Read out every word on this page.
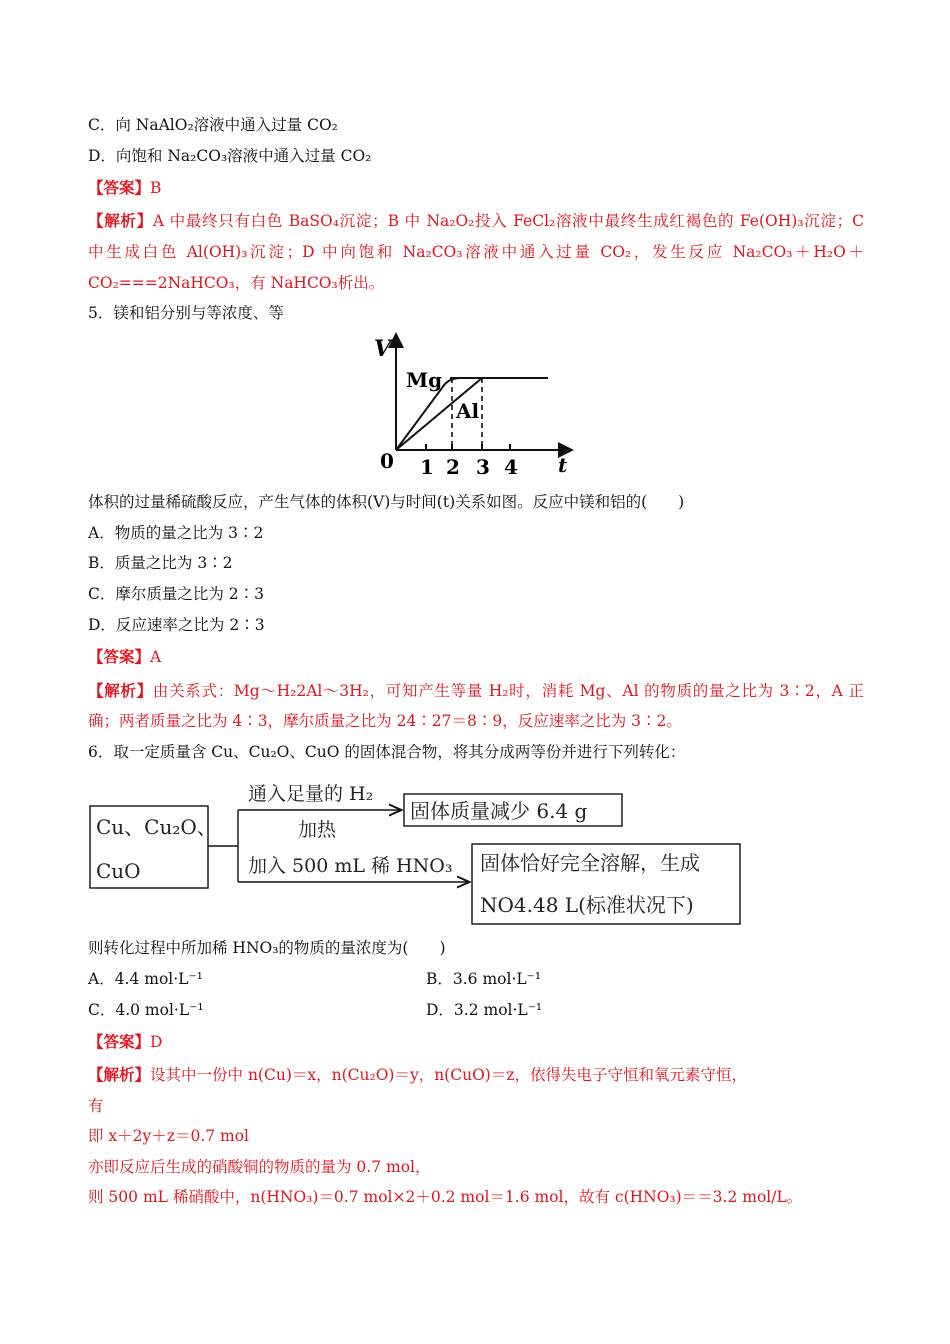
C．向 NaAlO₂溶液中通入过量 CO₂
D．向饱和 Na₂CO₃溶液中通入过量 CO₂
【答案】B
【解析】A 中最终只有白色 BaSO₄沉淀；B 中 Na₂O₂投入 FeCl₂溶液中最终生成红褐色的 Fe(OH)₃沉淀；C
中生成白色 Al(OH)₃沉淀；D 中向饱和 Na₂CO₃溶液中通入过量 CO₂，发生反应 Na₂CO₃＋H₂O＋
CO₂===2NaHCO₃，有 NaHCO₃析出。
5．镁和铝分别与等浓度、等
V
t
0 1 2 3 4
Mg
Al
体积的过量稀硫酸反应，产生气体的体积(V)与时间(t)关系如图。反应中镁和铝的(　　)
A．物质的量之比为 3∶2
B．质量之比为 3∶2
C．摩尔质量之比为 2∶3
D．反应速率之比为 2∶3
【答案】A
【解析】由关系式：Mg～H₂2Al～3H₂，可知产生等量 H₂时，消耗 Mg、Al 的物质的量之比为 3∶2，A 正
确；两者质量之比为 4∶3，摩尔质量之比为 24∶27＝8∶9，反应速率之比为 3∶2。
6．取一定质量含 Cu、Cu₂O、CuO 的固体混合物，将其分成两等份并进行下列转化：
Cu、Cu₂O、
CuO
通入足量的 H₂
加热
加入 500 mL 稀 HNO₃
固体质量减少 6.4 g
固体恰好完全溶解，生成
NO4.48 L(标准状况下)
则转化过程中所加稀 HNO₃的物质的量浓度为(　　)
A．4.4 mol·L⁻¹	B．3.6 mol·L⁻¹
C．4.0 mol·L⁻¹	D．3.2 mol·L⁻¹
【答案】D
【解析】设其中一份中 n(Cu)＝x，n(Cu₂O)＝y，n(CuO)＝z，依得失电子守恒和氧元素守恒，
有
即 x＋2y＋z＝0.7 mol
亦即反应后生成的硝酸铜的物质的量为 0.7 mol，
则 500 mL 稀硝酸中，n(HNO₃)＝0.7 mol×2＋0.2 mol＝1.6 mol，故有 c(HNO₃)＝＝3.2 mol/L。
